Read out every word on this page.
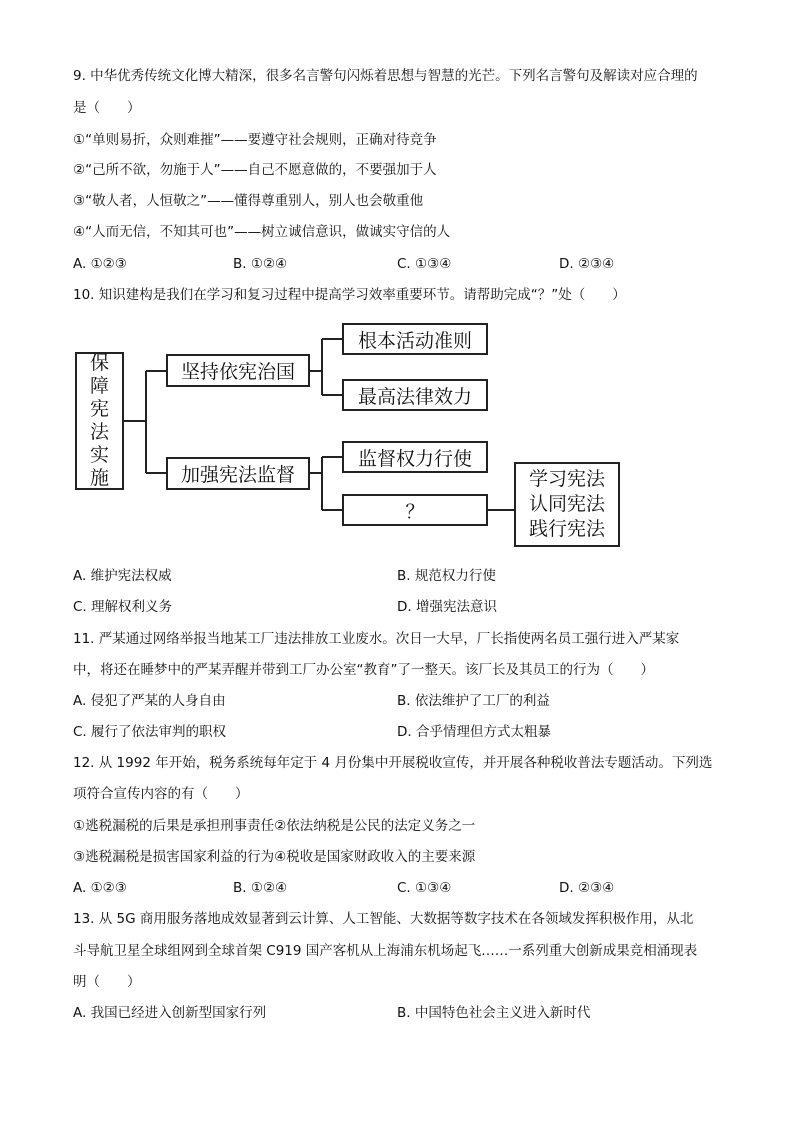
9. 中华优秀传统文化博大精深，很多名言警句闪烁着思想与智慧的光芒。下列名言警句及解读对应合理的
是（　　）
①“单则易折，众则难摧”——要遵守社会规则，正确对待竞争
②“己所不欲，勿施于人”——自己不愿意做的，不要强加于人
③“敬人者，人恒敬之”——懂得尊重别人，别人也会敬重他
④“人而无信，不知其可也”——树立诚信意识，做诚实守信的人
A. ①②③	B. ①②④	C. ①③④	D. ②③④
10. 知识建构是我们在学习和复习过程中提高学习效率重要环节。请帮助完成“？”处（　　）
保
障
宪
法
实
施
坚持依宪治国
加强宪法监督
根本活动准则
最高法律效力
监督权力行使
？
学习宪法
认同宪法
践行宪法
A. 维护宪法权威	B. 规范权力行使
C. 理解权利义务	D. 增强宪法意识
11. 严某通过网络举报当地某工厂违法排放工业废水。次日一大早，厂长指使两名员工强行进入严某家
中，将还在睡梦中的严某弄醒并带到工厂办公室“教育”了一整天。该厂长及其员工的行为（　　）
A. 侵犯了严某的人身自由	B. 依法维护了工厂的利益
C. 履行了依法审判的职权	D. 合乎情理但方式太粗暴
12. 从 1992 年开始，税务系统每年定于 4 月份集中开展税收宣传，并开展各种税收普法专题活动。下列选
项符合宣传内容的有（　　）
①逃税漏税的后果是承担刑事责任②依法纳税是公民的法定义务之一
③逃税漏税是损害国家利益的行为④税收是国家财政收入的主要来源
A. ①②③	B. ①②④	C. ①③④	D. ②③④
13. 从 5G 商用服务落地成效显著到云计算、人工智能、大数据等数字技术在各领域发挥积极作用，从北
斗导航卫星全球组网到全球首架 C919 国产客机从上海浦东机场起飞……一系列重大创新成果竞相涌现表
明（　　）
A. 我国已经进入创新型国家行列	B. 中国特色社会主义进入新时代
